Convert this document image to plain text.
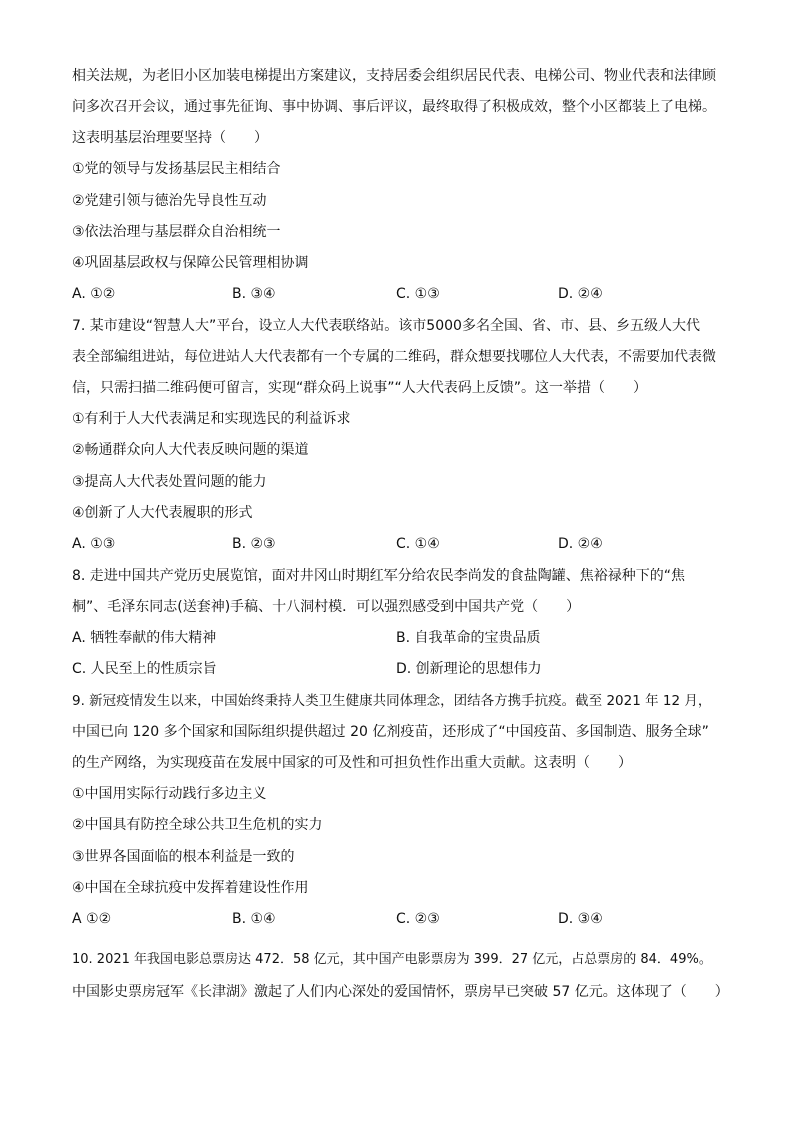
相关法规，为老旧小区加装电梯提出方案建议，支持居委会组织居民代表、电梯公司、物业代表和法律顾
问多次召开会议，通过事先征询、事中协调、事后评议，最终取得了积极成效，整个小区都装上了电梯。
这表明基层治理要坚持（　　）
①党的领导与发扬基层民主相结合
②党建引领与德治先导良性互动
③依法治理与基层群众自治相统一
④巩固基层政权与保障公民管理相协调
A. ①②	B. ③④	C. ①③	D. ②④
7. 某市建设“智慧人大”平台，设立人大代表联络站。该市5000多名全国、省、市、县、乡五级人大代
表全部编组进站，每位进站人大代表都有一个专属的二维码，群众想要找哪位人大代表，不需要加代表微
信，只需扫描二维码便可留言，实现“群众码上说事”“人大代表码上反馈”。这一举措（　　）
①有利于人大代表满足和实现选民的利益诉求
②畅通群众向人大代表反映问题的渠道
③提高人大代表处置问题的能力
④创新了人大代表履职的形式
A. ①③	B. ②③	C. ①④	D. ②④
8. 走进中国共产党历史展览馆，面对井冈山时期红军分给农民李尚发的食盐陶罐、焦裕禄种下的“焦
桐”、毛泽东同志(送套神)手稿、十八洞村模．可以强烈感受到中国共产党（　　）
A. 牺牲奉献的伟大精神	B. 自我革命的宝贵品质
C. 人民至上的性质宗旨	D. 创新理论的思想伟力
9. 新冠疫情发生以来，中国始终秉持人类卫生健康共同体理念，团结各方携手抗疫。截至 2021 年 12 月，
中国已向 120 多个国家和国际组织提供超过 20 亿剂疫苗，还形成了“中国疫苗、多国制造、服务全球”
的生产网络，为实现疫苗在发展中国家的可及性和可担负性作出重大贡献。这表明（　　）
①中国用实际行动践行多边主义
②中国具有防控全球公共卫生危机的实力
③世界各国面临的根本利益是一致的
④中国在全球抗疫中发挥着建设性作用
A ①②	B. ①④	C. ②③	D. ③④
10. 2021 年我国电影总票房达 472．58 亿元，其中国产电影票房为 399．27 亿元，占总票房的 84．49%。
中国影史票房冠军《长津湖》激起了人们内心深处的爱国情怀，票房早已突破 57 亿元。这体现了（　　）
